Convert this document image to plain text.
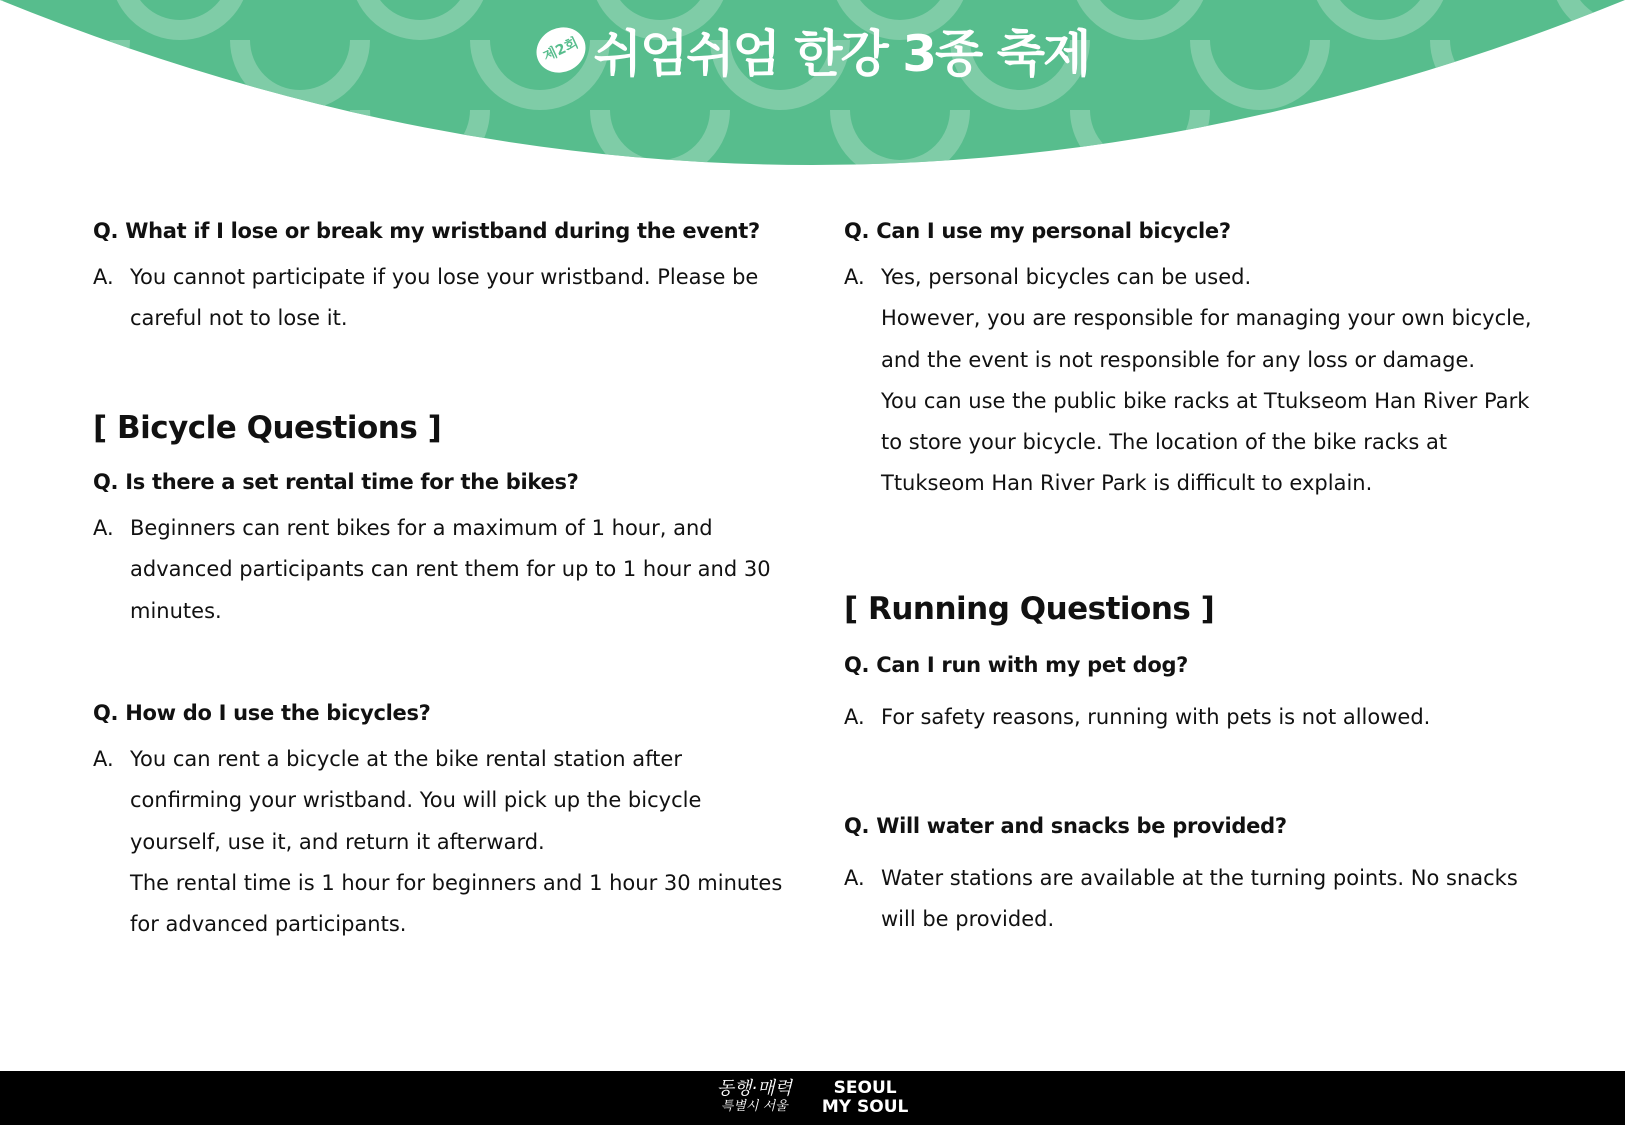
제2회 쉬엄쉬엄 한강 3종 축제
Q. What if I lose or break my wristband during the event?
A. You cannot participate if you lose your wristband. Please be
careful not to lose it.
[ Bicycle Questions ]
Q. Is there a set rental time for the bikes?
A. Beginners can rent bikes for a maximum of 1 hour, and
advanced participants can rent them for up to 1 hour and 30
minutes.
Q. How do I use the bicycles?
A. You can rent a bicycle at the bike rental station after
confirming your wristband. You will pick up the bicycle
yourself, use it, and return it afterward.
The rental time is 1 hour for beginners and 1 hour 30 minutes
for advanced participants.
Q. Can I use my personal bicycle?
A. Yes, personal bicycles can be used.
However, you are responsible for managing your own bicycle,
and the event is not responsible for any loss or damage.
You can use the public bike racks at Ttukseom Han River Park
to store your bicycle. The location of the bike racks at
Ttukseom Han River Park is difficult to explain.
[ Running Questions ]
Q. Can I run with my pet dog?
A. For safety reasons, running with pets is not allowed.
Q. Will water and snacks be provided?
A. Water stations are available at the turning points. No snacks
will be provided.
동행·매력
특별시 서울
SEOUL
MY SOUL
